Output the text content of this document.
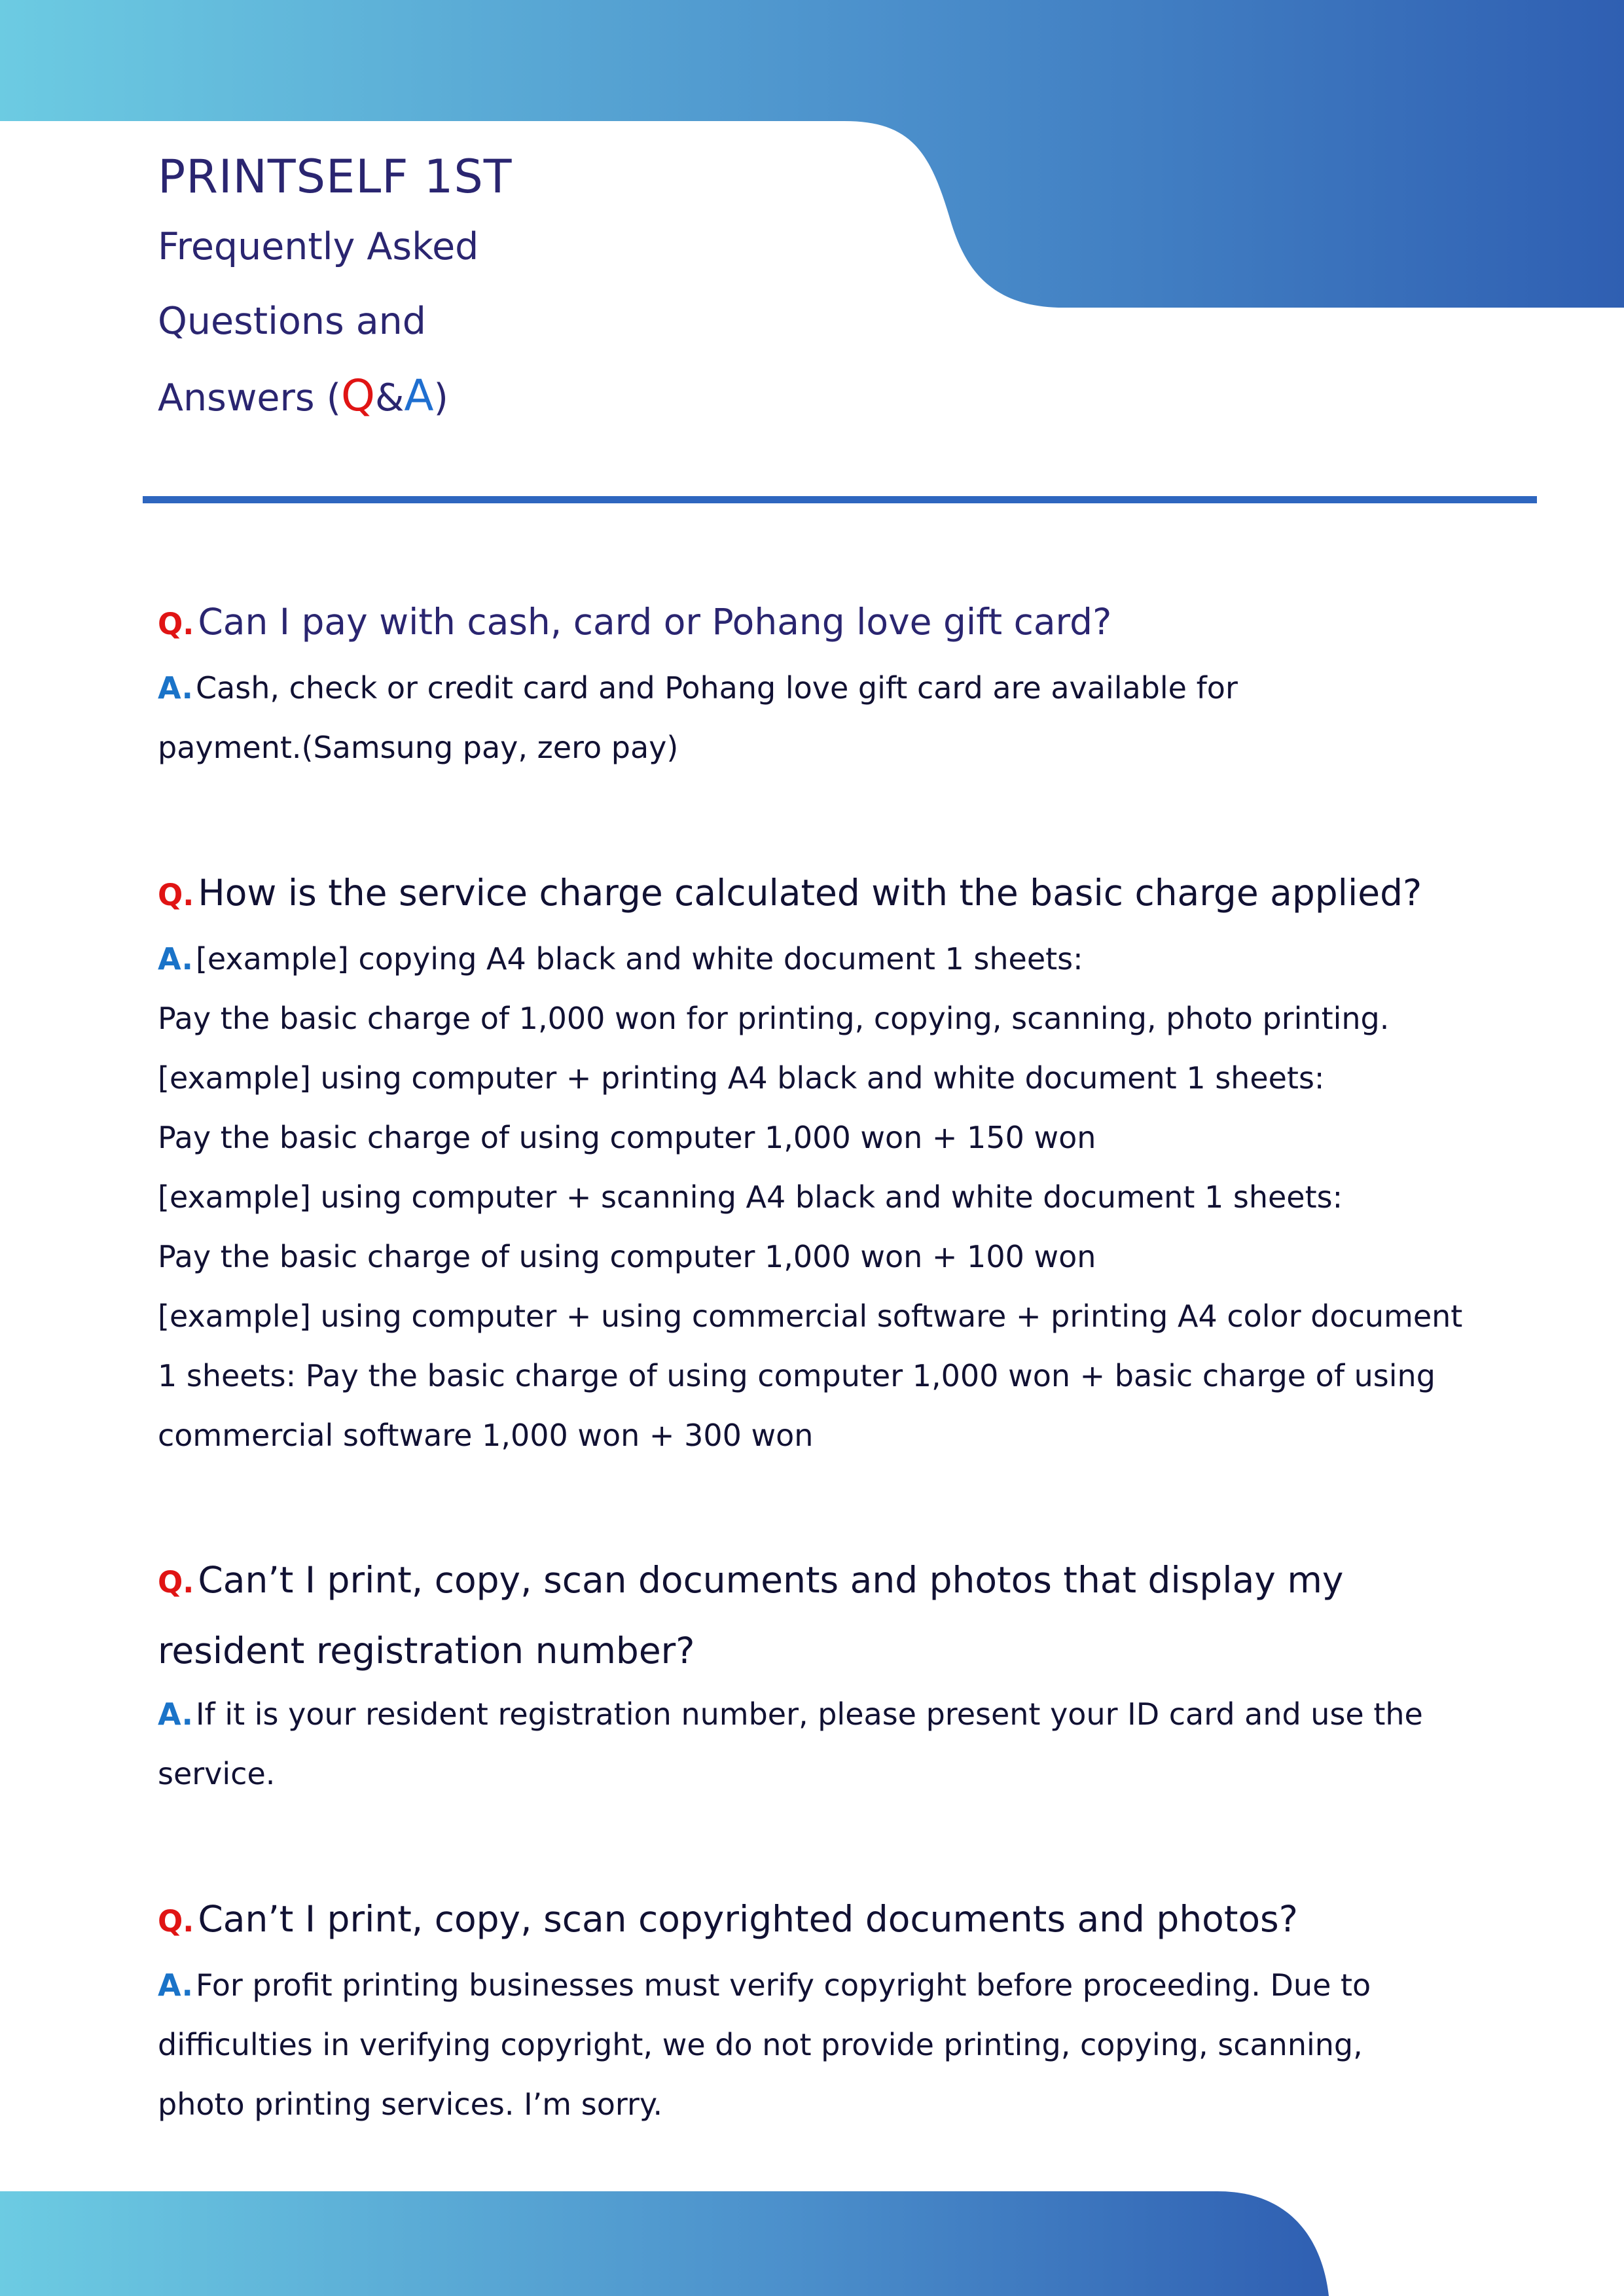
PRINTSELF 1ST

Frequently Asked

Questions and

Answers (Q&A)

Q. Can I pay with cash, card or Pohang love gift card?

A.Cash, check or credit card and Pohang love gift card are available for

payment.(Samsung pay, zero pay)

Q. How is the service charge calculated with the basic charge applied?

A.[example] copying A4 black and white document 1 sheets:

Pay the basic charge of 1,000 won for printing, copying, scanning, photo printing.

[example] using computer + printing A4 black and white document 1 sheets:

Pay the basic charge of using computer 1,000 won + 150 won

[example] using computer + scanning A4 black and white document 1 sheets:

Pay the basic charge of using computer 1,000 won + 100 won

[example] using computer + using commercial software + printing A4 color document

1 sheets: Pay the basic charge of using computer 1,000 won + basic charge of using

commercial software 1,000 won + 300 won

Q. Can’t I print, copy, scan documents and photos that display my

resident registration number?

A.If it is your resident registration number, please present your ID card and use the

service.

Q. Can’t I print, copy, scan copyrighted documents and photos?

A.For profit printing businesses must verify copyright before proceeding. Due to

difficulties in verifying copyright, we do not provide printing, copying, scanning,

photo printing services. I’m sorry.
